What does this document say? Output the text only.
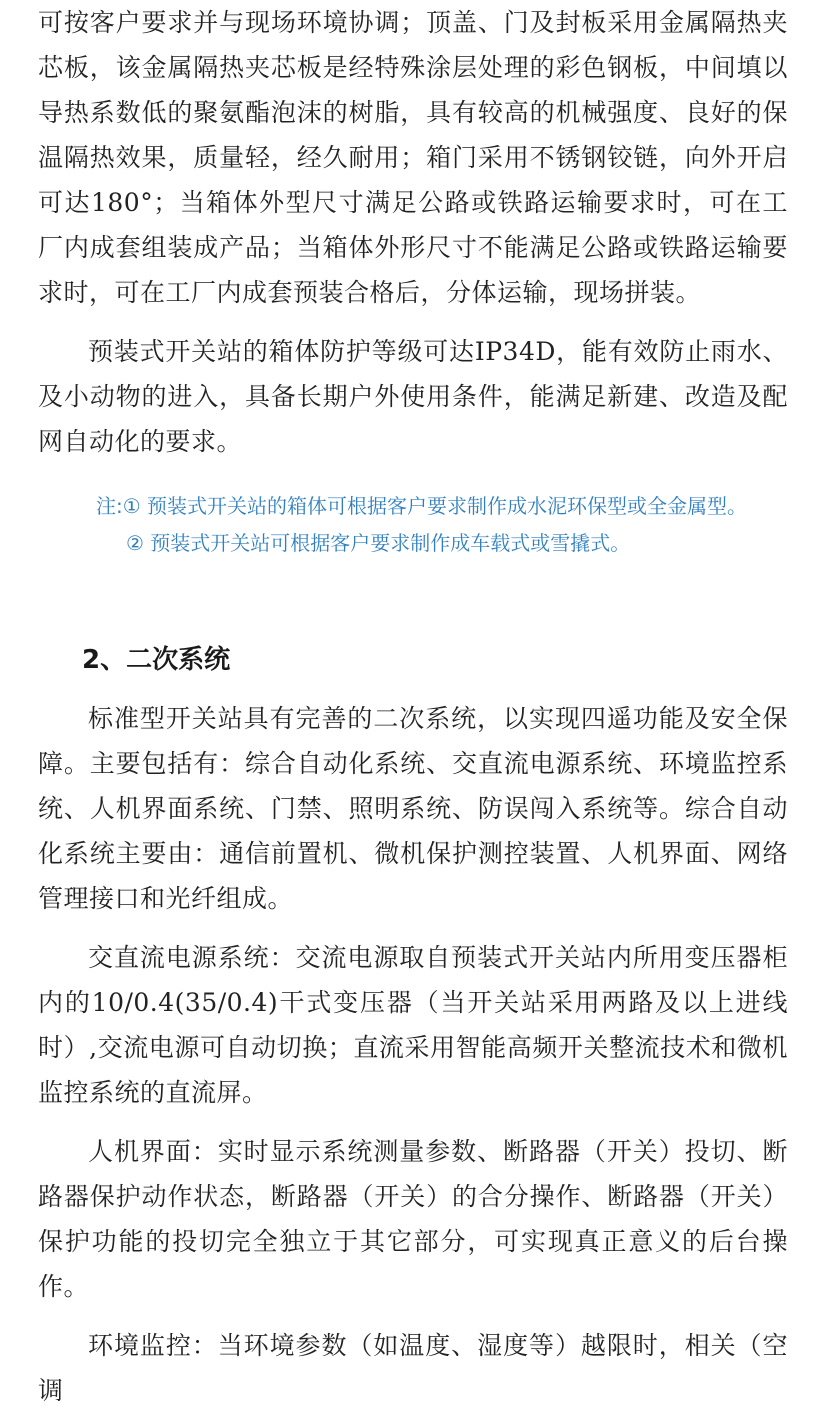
可按客户要求并与现场环境协调；顶盖、门及封板采用金属隔热夹芯板，该金属隔热夹芯板是经特殊涂层处理的彩色钢板，中间填以导热系数低的聚氨酯泡沫的树脂，具有较高的机械强度、良好的保温隔热效果，质量轻，经久耐用；箱门采用不锈钢铰链，向外开启可达180°；当箱体外型尺寸满足公路或铁路运输要求时，可在工厂内成套组装成产品；当箱体外形尺寸不能满足公路或铁路运输要求时，可在工厂内成套预装合格后，分体运输，现场拼装。

预装式开关站的箱体防护等级可达IP34D，能有效防止雨水、及小动物的进入，具备长期户外使用条件，能满足新建、改造及配网自动化的要求。

注:① 预装式开关站的箱体可根据客户要求制作成水泥环保型或全金属型。
② 预装式开关站可根据客户要求制作成车载式或雪撬式。
2、二次系统

标准型开关站具有完善的二次系统，以实现四遥功能及安全保障。主要包括有：综合自动化系统、交直流电源系统、环境监控系统、人机界面系统、门禁、照明系统、防误闯入系统等。综合自动化系统主要由：通信前置机、微机保护测控装置、人机界面、网络管理接口和光纤组成。

交直流电源系统：交流电源取自预装式开关站内所用变压器柜内的10/0.4(35/0.4)干式变压器（当开关站采用两路及以上进线时）,交流电源可自动切换；直流采用智能高频开关整流技术和微机监控系统的直流屏。

人机界面：实时显示系统测量参数、断路器（开关）投切、断路器保护动作状态，断路器（开关）的合分操作、断路器（开关）保护功能的投切完全独立于其它部分，可实现真正意义的后台操作。

环境监控：当环境参数（如温度、湿度等）越限时，相关（空调
